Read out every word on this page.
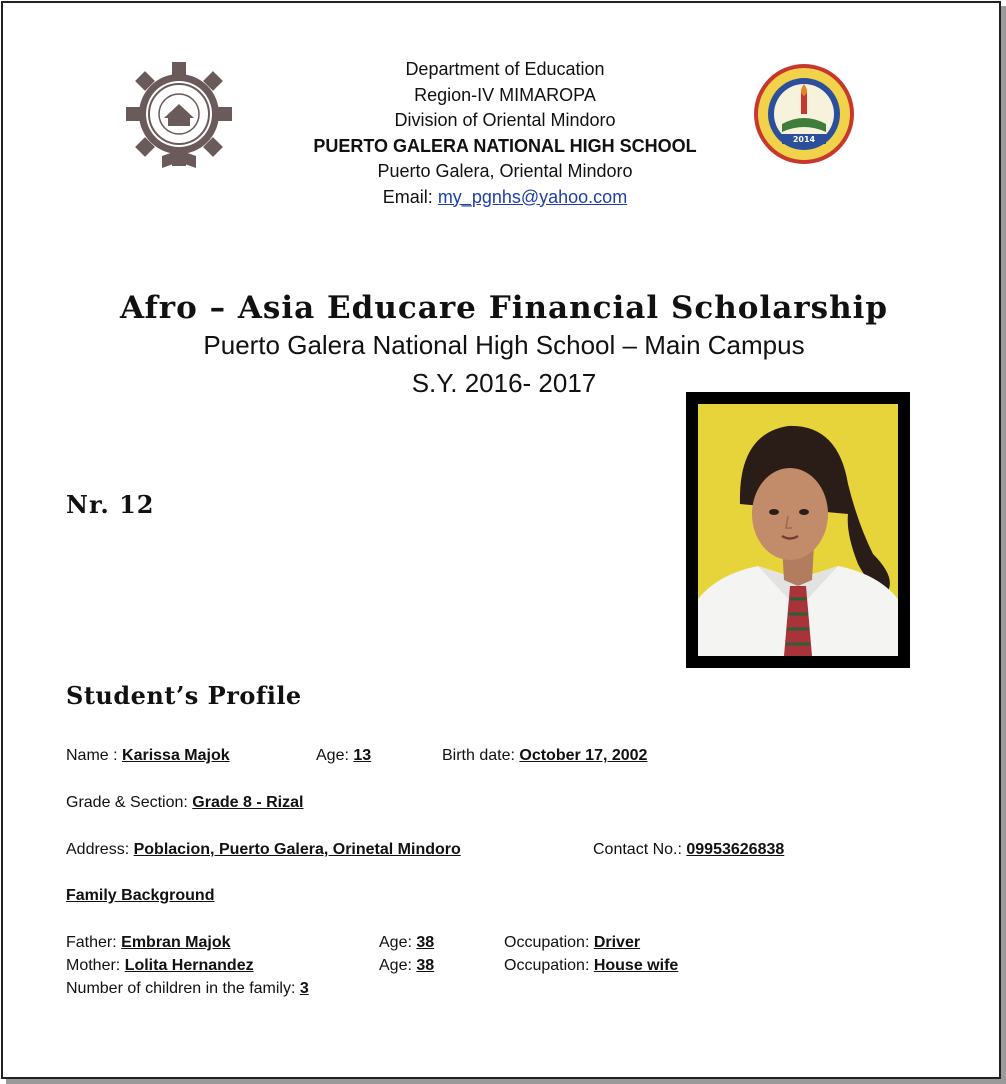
2014
Department of Education
Region-IV MIMAROPA
Division of Oriental Mindoro
PUERTO GALERA NATIONAL HIGH SCHOOL
Puerto Galera, Oriental Mindoro
Email: my_pgnhs@yahoo.com
Afro – Asia Educare Financial Scholarship
Puerto Galera National High School – Main Campus
S.Y. 2016- 2017
Nr. 12
Student’s Profile
Name : Karissa Majok	Age: 13	Birth date: October 17, 2002
Grade & Section: Grade 8 - Rizal
Address: Poblacion, Puerto Galera, Orinetal Mindoro	Contact No.: 09953626838
Family Background
Father: Embran Majok	Age: 38	Occupation: Driver
Mother: Lolita Hernandez	Age: 38	Occupation: House wife
Number of children in the family: 3
